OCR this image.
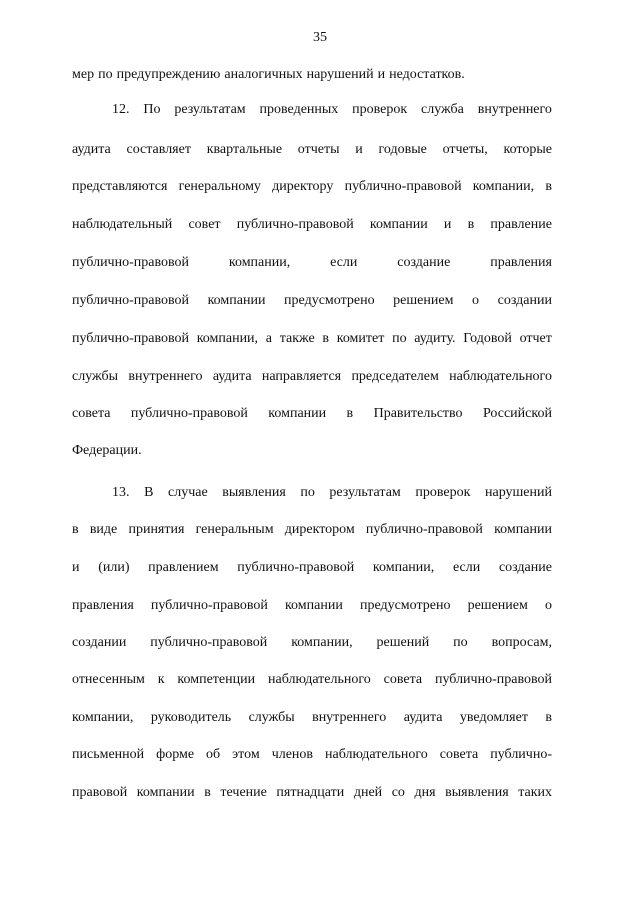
35
мер по предупреждению аналогичных нарушений и недостатков.
12. По результатам проведенных проверок служба внутреннего
аудита составляет квартальные отчеты и годовые отчеты, которые
представляются генеральному директору публично-правовой компании, в
наблюдательный совет публично-правовой компании и в правление
публично-правовой	компании,	если	создание	правления
публично-правовой компании предусмотрено решением о создании
публично-правовой компании, а также в комитет по аудиту. Годовой отчет
службы внутреннего аудита направляется председателем наблюдательного
совета публично-правовой компании в Правительство Российской
Федерации.
13. В случае выявления по результатам проверок нарушений
в виде принятия генеральным директором публично-правовой компании
и (или) правлением публично-правовой компании, если создание
правления публично-правовой компании предусмотрено решением о
создании публично-правовой компании, решений по вопросам,
отнесенным к компетенции наблюдательного совета публично-правовой
компании, руководитель службы внутреннего аудита уведомляет в
письменной форме об этом членов наблюдательного совета публично-
правовой компании в течение пятнадцати дней со дня выявления таких
